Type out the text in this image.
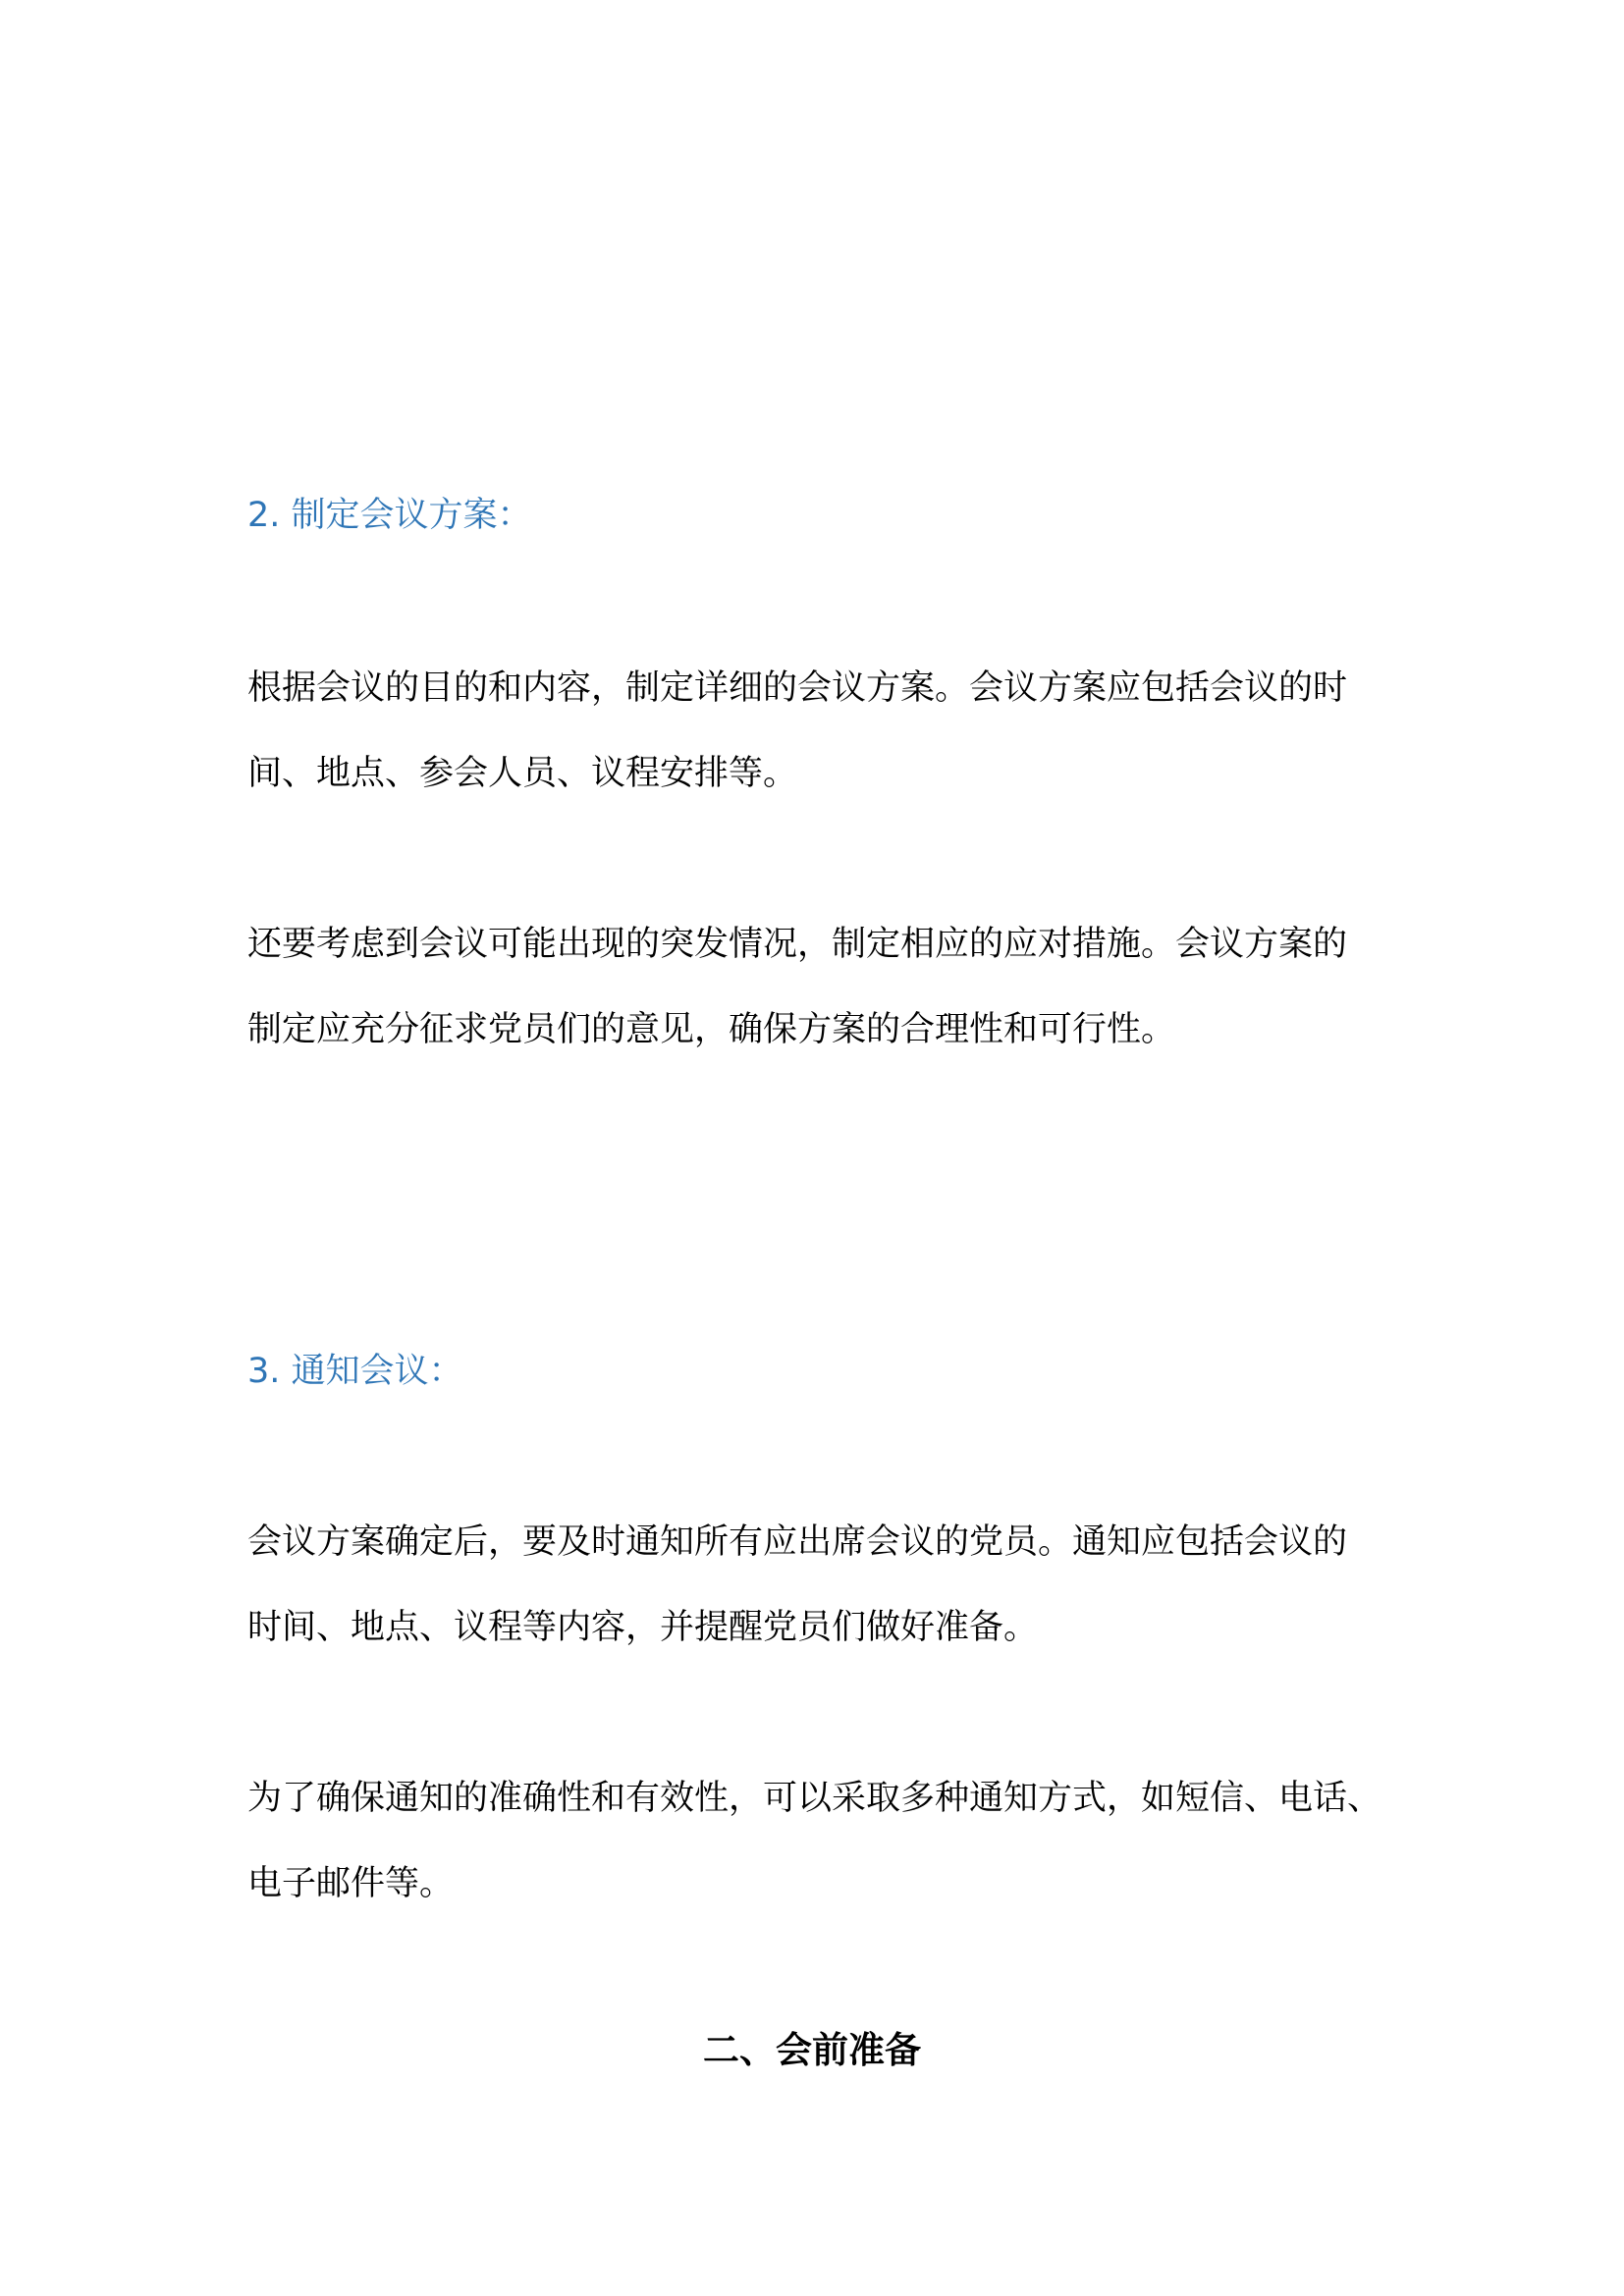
2. 制定会议方案：

根据会议的目的和内容，制定详细的会议方案。会议方案应包括会议的时

间、地点、参会人员、议程安排等。

还要考虑到会议可能出现的突发情况，制定相应的应对措施。会议方案的

制定应充分征求党员们的意见，确保方案的合理性和可行性。

3. 通知会议：

会议方案确定后，要及时通知所有应出席会议的党员。通知应包括会议的

时间、地点、议程等内容，并提醒党员们做好准备。

为了确保通知的准确性和有效性，可以采取多种通知方式，如短信、电话、

电子邮件等。

二、会前准备
